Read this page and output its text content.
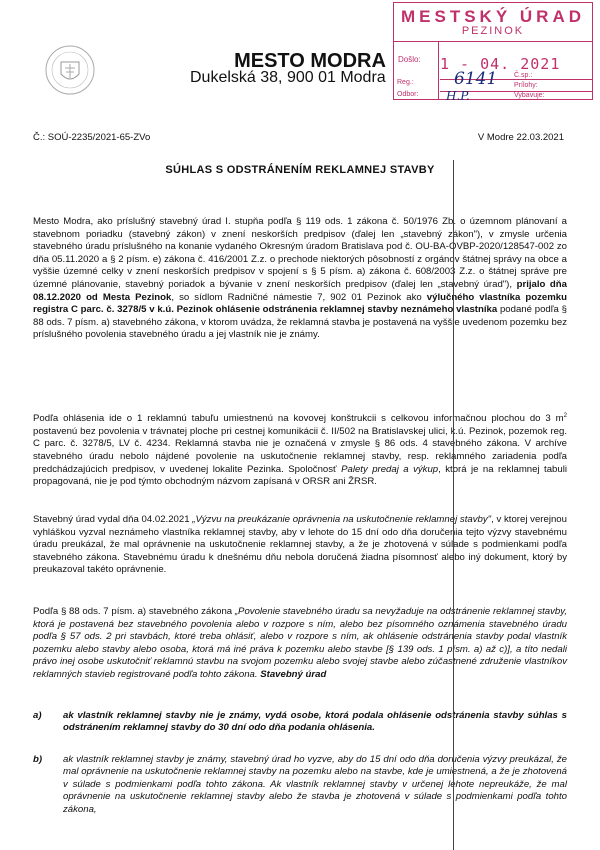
MESTO MODRA
Dukelská 38, 900 01 Modra
MESTSKÝ ÚRAD
PEZINOK
Došlo: 1 - 04. 2021
Reg.:
Odbor:
Prílohy:
Vybavuje:
Č.sp.:
6141
H.P.
Č.: SOÚ-2235/2021-65-ZVo	V Modre 22.03.2021
SÚHLAS S ODSTRÁNENÍM REKLAMNEJ STAVBY
Mesto Modra, ako príslušný stavebný úrad I. stupňa podľa § 119 ods. 1 zákona č. 50/1976 Zb. o územnom plánovaní a stavebnom poriadku (stavebný zákon) v znení neskorších predpisov (ďalej len „stavebný zákon"), v zmysle určenia stavebného úradu príslušného na konanie vydaného Okresným úradom Bratislava pod č. OU-BA-OVBP-2020/128547-002 zo dňa 05.11.2020 a § 2 písm. e) zákona č. 416/2001 Z.z. o prechode niektorých pôsobností z orgánov štátnej správy na obce a vyššie územné celky v znení neskorších predpisov v spojení s § 5 písm. a) zákona č. 608/2003 Z.z. o štátnej správe pre územné plánovanie, stavebný poriadok a bývanie v znení neskorších predpisov (ďalej len „stavebný úrad"), prijalo dňa 08.12.2020 od Mesta Pezinok, so sídlom Radničné námestie 7, 902 01 Pezinok ako výlučného vlastníka pozemku registra C parc. č. 3278/5 v k.ú. Pezinok ohlásenie odstránenia reklamnej stavby neznámeho vlastníka podané podľa § 88 ods. 7 písm. a) stavebného zákona, v ktorom uvádza, že reklamná stavba je postavená na vyššie uvedenom pozemku bez príslušného povolenia stavebného úradu a jej vlastník nie je známy.
Podľa ohlásenia ide o 1 reklamnú tabuľu umiestnenú na kovovej konštrukcii s celkovou informačnou plochou do 3 $m^2$ postavenú bez povolenia v trávnatej ploche pri cestnej komunikácii č. II/502 na Bratislavskej ulici, k.ú. Pezinok, pozemok reg. C parc. č. 3278/5, LV č. 4234. Reklamná stavba nie je označená v zmysle § 86 ods. 4 stavebného zákona. V archíve stavebného úradu nebolo nájdené povolenie na uskutočnenie reklamnej stavby, resp. reklamného zariadenia podľa predchádzajúcich predpisov, v uvedenej lokalite Pezinka. Spoločnosť Palety predaj a výkup, ktorá je na reklamnej tabuli propagovaná, nie je pod týmto obchodným názvom zapísaná v ORSR ani ŽRSR.
Stavebný úrad vydal dňa 04.02.2021 „Výzvu na preukázanie oprávnenia na uskutočnenie reklamnej stavby", v ktorej verejnou vyhláškou vyzval neznámeho vlastníka reklamnej stavby, aby v lehote do 15 dní odo dňa doručenia tejto výzvy stavebnému úradu preukázal, že mal oprávnenie na uskutočnenie reklamnej stavby, a že je zhotovená v súlade s podmienkami podľa stavebného zákona. Stavebnému úradu k dnešnému dňu nebola doručená žiadna písomnosť alebo iný dokument, ktorý by preukazoval takéto oprávnenie.
Podľa § 88 ods. 7 písm. a) stavebného zákona „Povolenie stavebného úradu sa nevyžaduje na odstránenie reklamnej stavby, ktorá je postavená bez stavebného povolenia alebo v rozpore s ním, alebo bez písomného oznámenia stavebného úradu podľa § 57 ods. 2 pri stavbách, ktoré treba ohlásiť, alebo v rozpore s ním, ak ohlásenie odstránenia stavby podal vlastník pozemku alebo stavby alebo osoba, ktorá má iné práva k pozemku alebo stavbe [§ 139 ods. 1 písm. a) až c)], a títo nedali právo inej osobe uskutočniť reklamnú stavbu na svojom pozemku alebo svojej stavbe alebo zúčastnené združenie vlastníkov reklamných stavieb registrované podľa tohto zákona. Stavebný úrad
a) ak vlastník reklamnej stavby nie je známy, vydá osobe, ktorá podala ohlásenie odstránenia stavby súhlas s odstránením reklamnej stavby do 30 dní odo dňa podania ohlásenia.
b) ak vlastník reklamnej stavby je známy, stavebný úrad ho vyzve, aby do 15 dní odo dňa doručenia výzvy preukázal, že mal oprávnenie na uskutočnenie reklamnej stavby na pozemku alebo na stavbe, kde je umiestnená, a že je zhotovená v súlade s podmienkami podľa tohto zákona. Ak vlastník reklamnej stavby v určenej lehote nepreukáže, že mal oprávnenie na uskutočnenie reklamnej stavby alebo že stavba je zhotovená v súlade s podmienkami podľa tohto zákona,
